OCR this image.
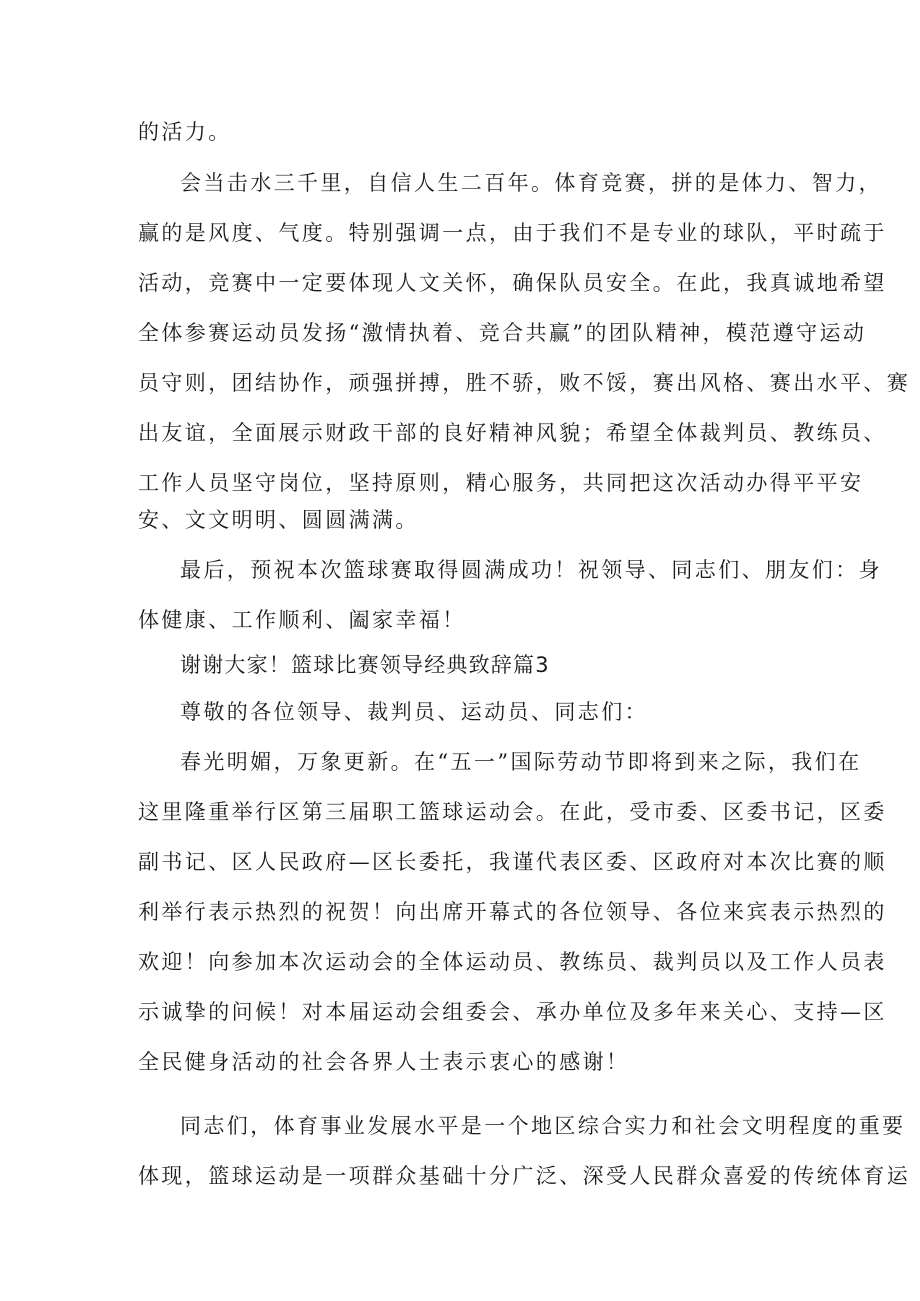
的活力。
会当击水三千里，自信人生二百年。体育竞赛，拼的是体力、智力，
赢的是风度、气度。特别强调一点，由于我们不是专业的球队，平时疏于
活动，竞赛中一定要体现人文关怀，确保队员安全。在此，我真诚地希望
全体参赛运动员发扬“激情执着、竞合共赢”的团队精神，模范遵守运动
员守则，团结协作，顽强拼搏，胜不骄，败不馁，赛出风格、赛出水平、赛
出友谊，全面展示财政干部的良好精神风貌；希望全体裁判员、教练员、
工作人员坚守岗位，坚持原则，精心服务，共同把这次活动办得平平安
安、文文明明、圆圆满满。
最后，预祝本次篮球赛取得圆满成功！祝领导、同志们、朋友们：身
体健康、工作顺利、阖家幸福！
谢谢大家！篮球比赛领导经典致辞篇3
尊敬的各位领导、裁判员、运动员、同志们：
春光明媚，万象更新。在“五一”国际劳动节即将到来之际，我们在
这里隆重举行区第三届职工篮球运动会。在此，受市委、区委书记，区委
副书记、区人民政府—区长委托，我谨代表区委、区政府对本次比赛的顺
利举行表示热烈的祝贺！向出席开幕式的各位领导、各位来宾表示热烈的
欢迎！向参加本次运动会的全体运动员、教练员、裁判员以及工作人员表
示诚挚的问候！对本届运动会组委会、承办单位及多年来关心、支持—区
全民健身活动的社会各界人士表示衷心的感谢！
同志们，体育事业发展水平是一个地区综合实力和社会文明程度的重要
体现，篮球运动是一项群众基础十分广泛、深受人民群众喜爱的传统体育运
